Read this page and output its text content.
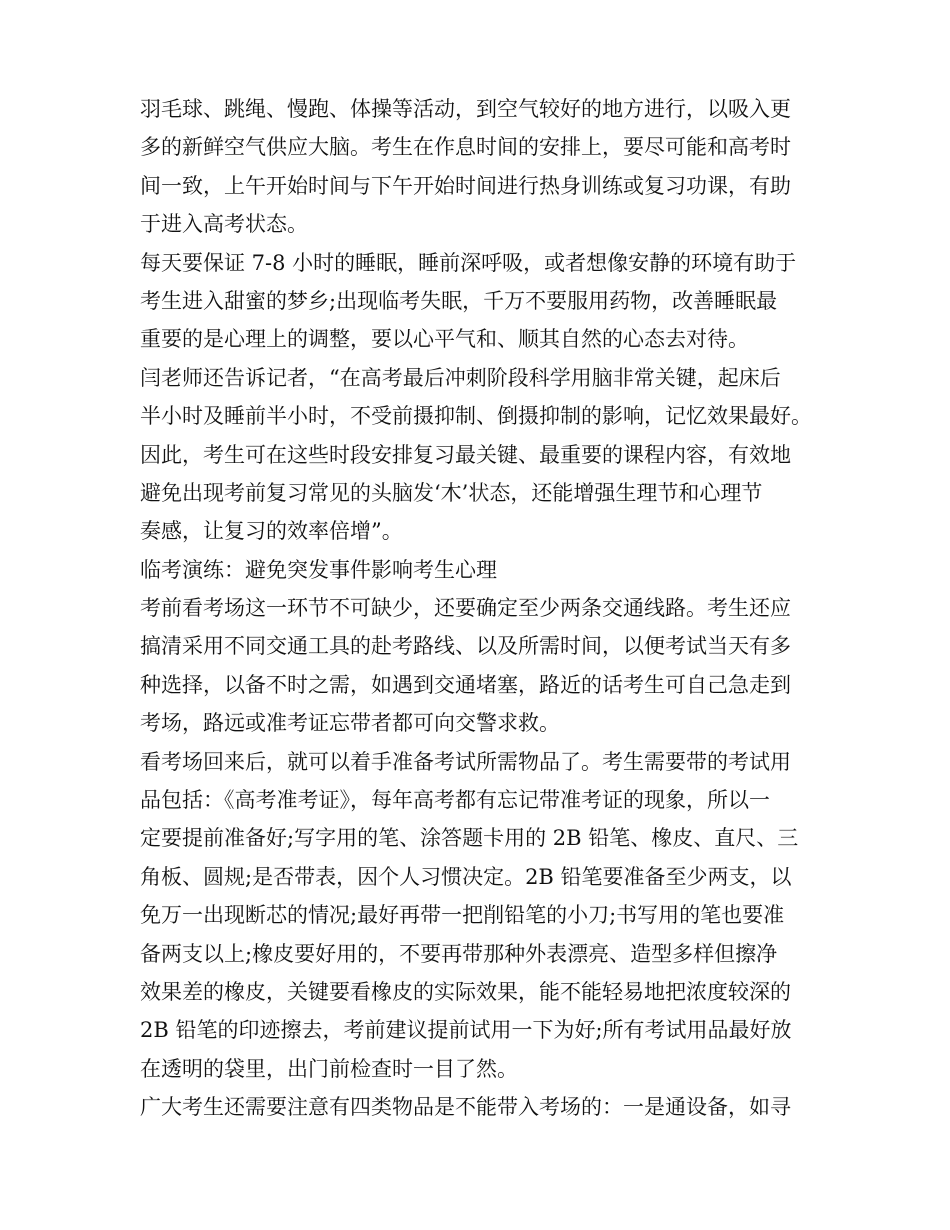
羽毛球、跳绳、慢跑、体操等活动，到空气较好的地方进行，以吸入更
多的新鲜空气供应大脑。考生在作息时间的安排上，要尽可能和高考时
间一致，上午开始时间与下午开始时间进行热身训练或复习功课，有助
于进入高考状态。
每天要保证 7-8 小时的睡眠，睡前深呼吸，或者想像安静的环境有助于
考生进入甜蜜的梦乡;出现临考失眠，千万不要服用药物，改善睡眠最
重要的是心理上的调整，要以心平气和、顺其自然的心态去对待。
闫老师还告诉记者，“在高考最后冲刺阶段科学用脑非常关键，起床后
半小时及睡前半小时，不受前摄抑制、倒摄抑制的影响，记忆效果最好。
因此，考生可在这些时段安排复习最关键、最重要的课程内容，有效地
避免出现考前复习常见的头脑发‘木’状态，还能增强生理节和心理节
奏感，让复习的效率倍增”。
临考演练：避免突发事件影响考生心理
考前看考场这一环节不可缺少，还要确定至少两条交通线路。考生还应
搞清采用不同交通工具的赴考路线、以及所需时间，以便考试当天有多
种选择，以备不时之需，如遇到交通堵塞，路近的话考生可自己急走到
考场，路远或准考证忘带者都可向交警求救。
看考场回来后，就可以着手准备考试所需物品了。考生需要带的考试用
品包括：《高考准考证》，每年高考都有忘记带准考证的现象，所以一
定要提前准备好;写字用的笔、涂答题卡用的 2B 铅笔、橡皮、直尺、三
角板、圆规;是否带表，因个人习惯决定。2B 铅笔要准备至少两支，以
免万一出现断芯的情况;最好再带一把削铅笔的小刀;书写用的笔也要准
备两支以上;橡皮要好用的，不要再带那种外表漂亮、造型多样但擦净
效果差的橡皮，关键要看橡皮的实际效果，能不能轻易地把浓度较深的
2B 铅笔的印迹擦去，考前建议提前试用一下为好;所有考试用品最好放
在透明的袋里，出门前检查时一目了然。
广大考生还需要注意有四类物品是不能带入考场的：一是通设备，如寻
